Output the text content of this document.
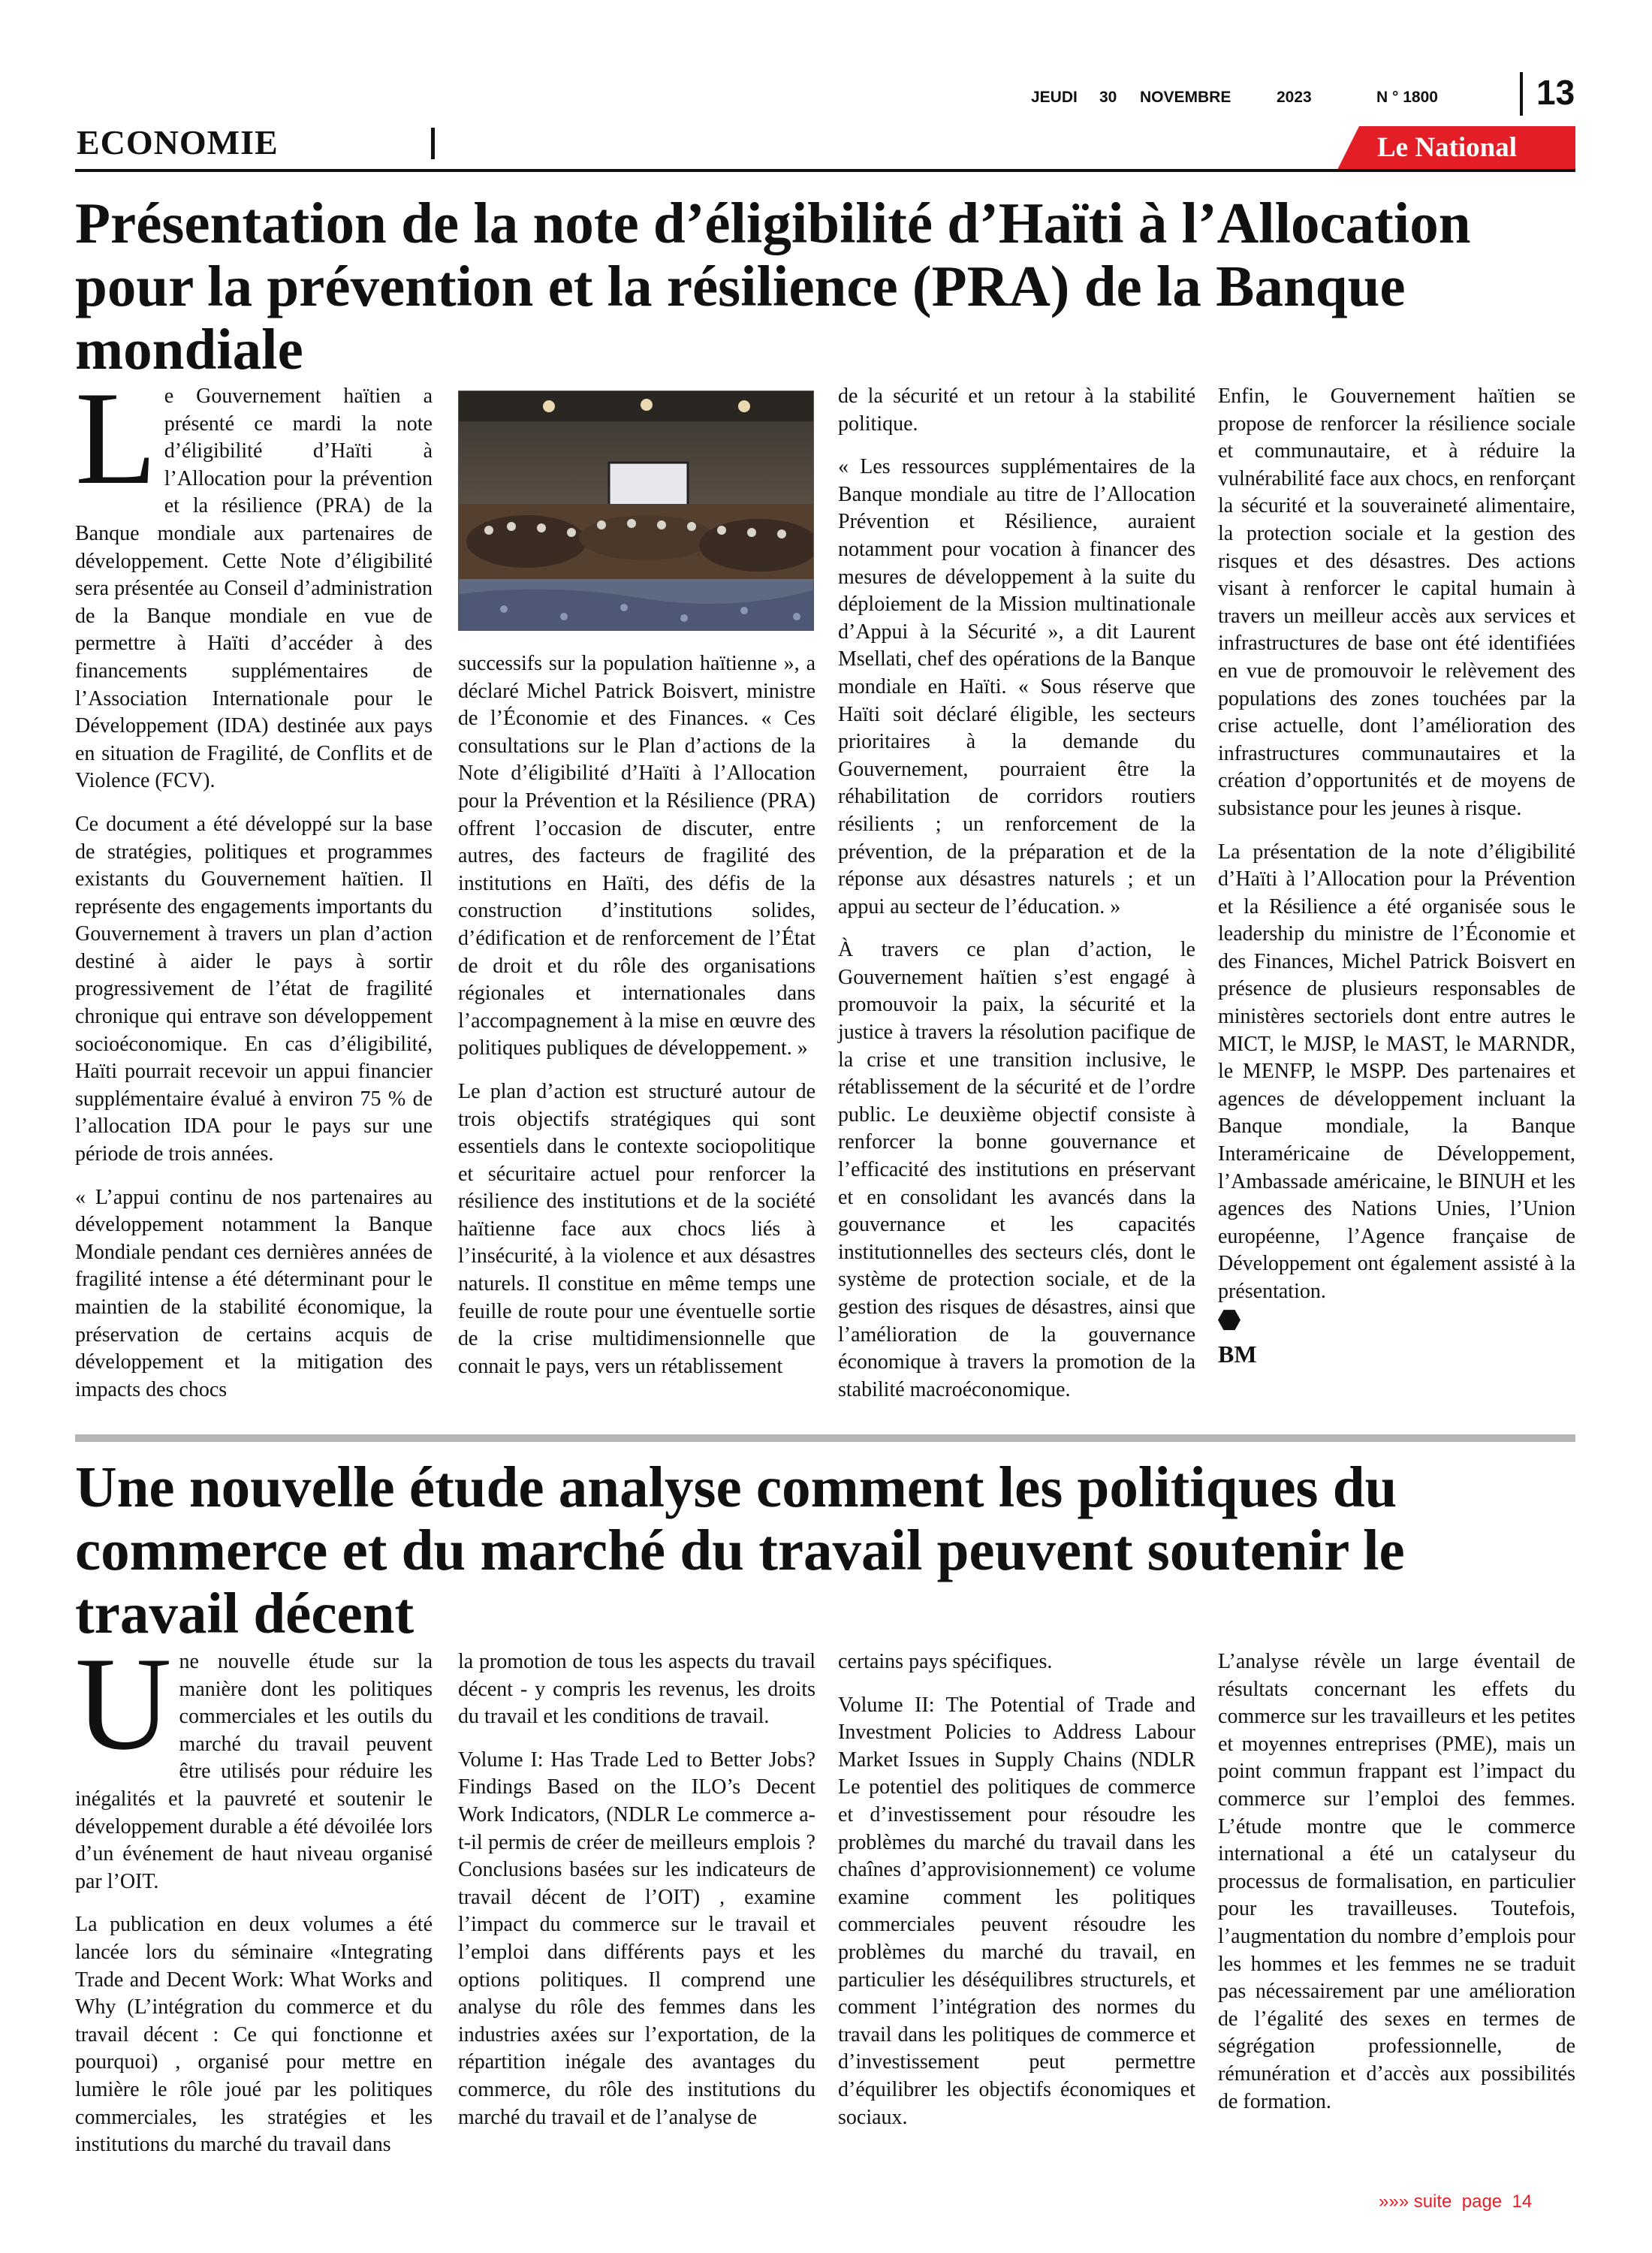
JEUDI 30 NOVEMBRE	2023	N ° 1800	13
ECONOMIE	Le National
Présentation de la note d’éligibilité d’Haïti à l’Allocation pour la prévention et la résilience (PRA) de la Banque mondiale
L e Gouvernement haïtien a présenté ce mardi la note d’éligibilité d’Haïti à l’Allocation pour la prévention et la résilience (PRA) de la Banque mondiale aux partenaires de développement. Cette Note d’éligibilité sera présentée au Conseil d’administration de la Banque mondiale en vue de permettre à Haïti d’accéder à des financements supplémentaires de l’Association Internationale pour le Développement (IDA) destinée aux pays en situation de Fragilité, de Conflits et de Violence (FCV).

Ce document a été développé sur la base de stratégies, politiques et programmes existants du Gouvernement haïtien. Il représente des engagements importants du Gouvernement à travers un plan d’action destiné à aider le pays à sortir progressivement de l’état de fragilité chronique qui entrave son développement socioéconomique. En cas d’éligibilité, Haïti pourrait recevoir un appui financier supplémentaire évalué à environ 75 % de l’allocation IDA pour le pays sur une période de trois années.

« L’appui continu de nos partenaires au développement notamment la Banque Mondiale pendant ces dernières années de fragilité intense a été déterminant pour le maintien de la stabilité économique, la préservation de certains acquis de développement et la mitigation des impacts des chocs

successifs sur la population haïtienne », a déclaré Michel Patrick Boisvert, ministre de l’Économie et des Finances. « Ces consultations sur le Plan d’actions de la Note d’éligibilité d’Haïti à l’Allocation pour la Prévention et la Résilience (PRA) offrent l’occasion de discuter, entre autres, des facteurs de fragilité des institutions en Haïti, des défis de la construction d’institutions solides, d’édification et de renforcement de l’État de droit et du rôle des organisations régionales et internationales dans l’accompagnement à la mise en œuvre des politiques publiques de développement. »

Le plan d’action est structuré autour de trois objectifs stratégiques qui sont essentiels dans le contexte sociopolitique et sécuritaire actuel pour renforcer la résilience des institutions et de la société haïtienne face aux chocs liés à l’insécurité, à la violence et aux désastres naturels. Il constitue en même temps une feuille de route pour une éventuelle sortie de la crise multidimensionnelle que connait le pays, vers un rétablissement

de la sécurité et un retour à la stabilité politique.

« Les ressources supplémentaires de la Banque mondiale au titre de l’Allocation Prévention et Résilience, auraient notamment pour vocation à financer des mesures de développement à la suite du déploiement de la Mission multinationale d’Appui à la Sécurité », a dit Laurent Msellati, chef des opérations de la Banque mondiale en Haïti. « Sous réserve que Haïti soit déclaré éligible, les secteurs prioritaires à la demande du Gouvernement, pourraient être la réhabilitation de corridors routiers résilients ; un renforcement de la prévention, de la préparation et de la réponse aux désastres naturels ; et un appui au secteur de l’éducation. »

À travers ce plan d’action, le Gouvernement haïtien s’est engagé à promouvoir la paix, la sécurité et la justice à travers la résolution pacifique de la crise et une transition inclusive, le rétablissement de la sécurité et de l’ordre public. Le deuxième objectif consiste à renforcer la bonne gouvernance et l’efficacité des institutions en préservant et en consolidant les avancés dans la gouvernance et les capacités institutionnelles des secteurs clés, dont le système de protection sociale, et de la gestion des risques de désastres, ainsi que l’amélioration de la gouvernance économique à travers la promotion de la stabilité macroéconomique.

Enfin, le Gouvernement haïtien se propose de renforcer la résilience sociale et communautaire, et à réduire la vulnérabilité face aux chocs, en renforçant la sécurité et la souveraineté alimentaire, la protection sociale et la gestion des risques et des désastres. Des actions visant à renforcer le capital humain à travers un meilleur accès aux services et infrastructures de base ont été identifiées en vue de promouvoir le relèvement des populations des zones touchées par la crise actuelle, dont l’amélioration des infrastructures communautaires et la création d’opportunités et de moyens de subsistance pour les jeunes à risque.

La présentation de la note d’éligibilité d’Haïti à l’Allocation pour la Prévention et la Résilience a été organisée sous le leadership du ministre de l’Économie et des Finances, Michel Patrick Boisvert en présence de plusieurs responsables de ministères sectoriels dont entre autres le MICT, le MJSP, le MAST, le MARNDR, le MENFP, le MSPP. Des partenaires et agences de développement incluant la Banque mondiale, la Banque Interaméricaine de Développement, l’Ambassade américaine, le BINUH et les agences des Nations Unies, l’Union européenne, l’Agence française de Développement ont également assisté à la présentation.

BM
Une nouvelle étude analyse comment les politiques du commerce et du marché du travail peuvent soutenir le travail décent
U ne nouvelle étude sur la manière dont les politiques commerciales et les outils du marché du travail peuvent être utilisés pour réduire les inégalités et la pauvreté et soutenir le développement durable a été dévoilée lors d’un événement de haut niveau organisé par l’OIT.

La publication en deux volumes a été lancée lors du séminaire «Integrating Trade and Decent Work: What Works and Why (L’intégration du commerce et du travail décent : Ce qui fonctionne et pourquoi) , organisé pour mettre en lumière le rôle joué par les politiques commerciales, les stratégies et les institutions du marché du travail dans

la promotion de tous les aspects du travail décent - y compris les revenus, les droits du travail et les conditions de travail.

Volume I: Has Trade Led to Better Jobs? Findings Based on the ILO’s Decent Work Indicators, (NDLR Le commerce a-t-il permis de créer de meilleurs emplois ? Conclusions basées sur les indicateurs de travail décent de l’OIT) , examine l’impact du commerce sur le travail et l’emploi dans différents pays et les options politiques. Il comprend une analyse du rôle des femmes dans les industries axées sur l’exportation, de la répartition inégale des avantages du commerce, du rôle des institutions du marché du travail et de l’analyse de

certains pays spécifiques.

Volume II: The Potential of Trade and Investment Policies to Address Labour Market Issues in Supply Chains (NDLR Le potentiel des politiques de commerce et d’investissement pour résoudre les problèmes du marché du travail dans les chaînes d’approvisionnement) ce volume examine comment les politiques commerciales peuvent résoudre les problèmes du marché du travail, en particulier les déséquilibres structurels, et comment l’intégration des normes du travail dans les politiques de commerce et d’investissement peut permettre d’équilibrer les objectifs économiques et sociaux.

L’analyse révèle un large éventail de résultats concernant les effets du commerce sur les travailleurs et les petites et moyennes entreprises (PME), mais un point commun frappant est l’impact du commerce sur l’emploi des femmes. L’étude montre que le commerce international a été un catalyseur du processus de formalisation, en particulier pour les travailleuses. Toutefois, l’augmentation du nombre d’emplois pour les hommes et les femmes ne se traduit pas nécessairement par une amélioration de l’égalité des sexes en termes de ségrégation professionnelle, de rémunération et d’accès aux possibilités de formation.

»»» suite  page  14
